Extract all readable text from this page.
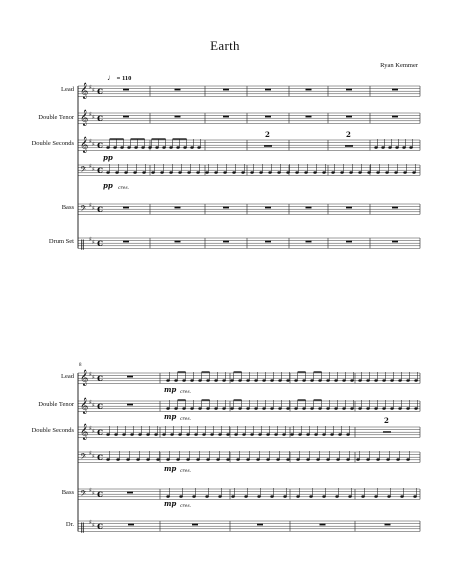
Earth
Ryan Kemmer
♩ = 110
Lead
Double Tenor
Double Seconds
Bass
Drum Set
8
Lead
Double Tenor
Double Seconds
Bass
Dr.
𝄞 ♯ ♯ c
𝄞 ♯ ♯ c
𝄞 ♯ ♯ c
𝄢 ♯ ♯ c
𝄢 ♯ ♯ c
‖ ♯ ♯ c
2	2
pp
pp cres.
𝄞 ♯ ♯ c
𝄞 ♯ ♯ c
𝄞 ♯ ♯ c
𝄢 ♯ ♯ c
𝄢 ♯ ♯ c
‖ ♯ ♯ c
2
mp cres.
mp cres.
mp cres.
mp cres.
